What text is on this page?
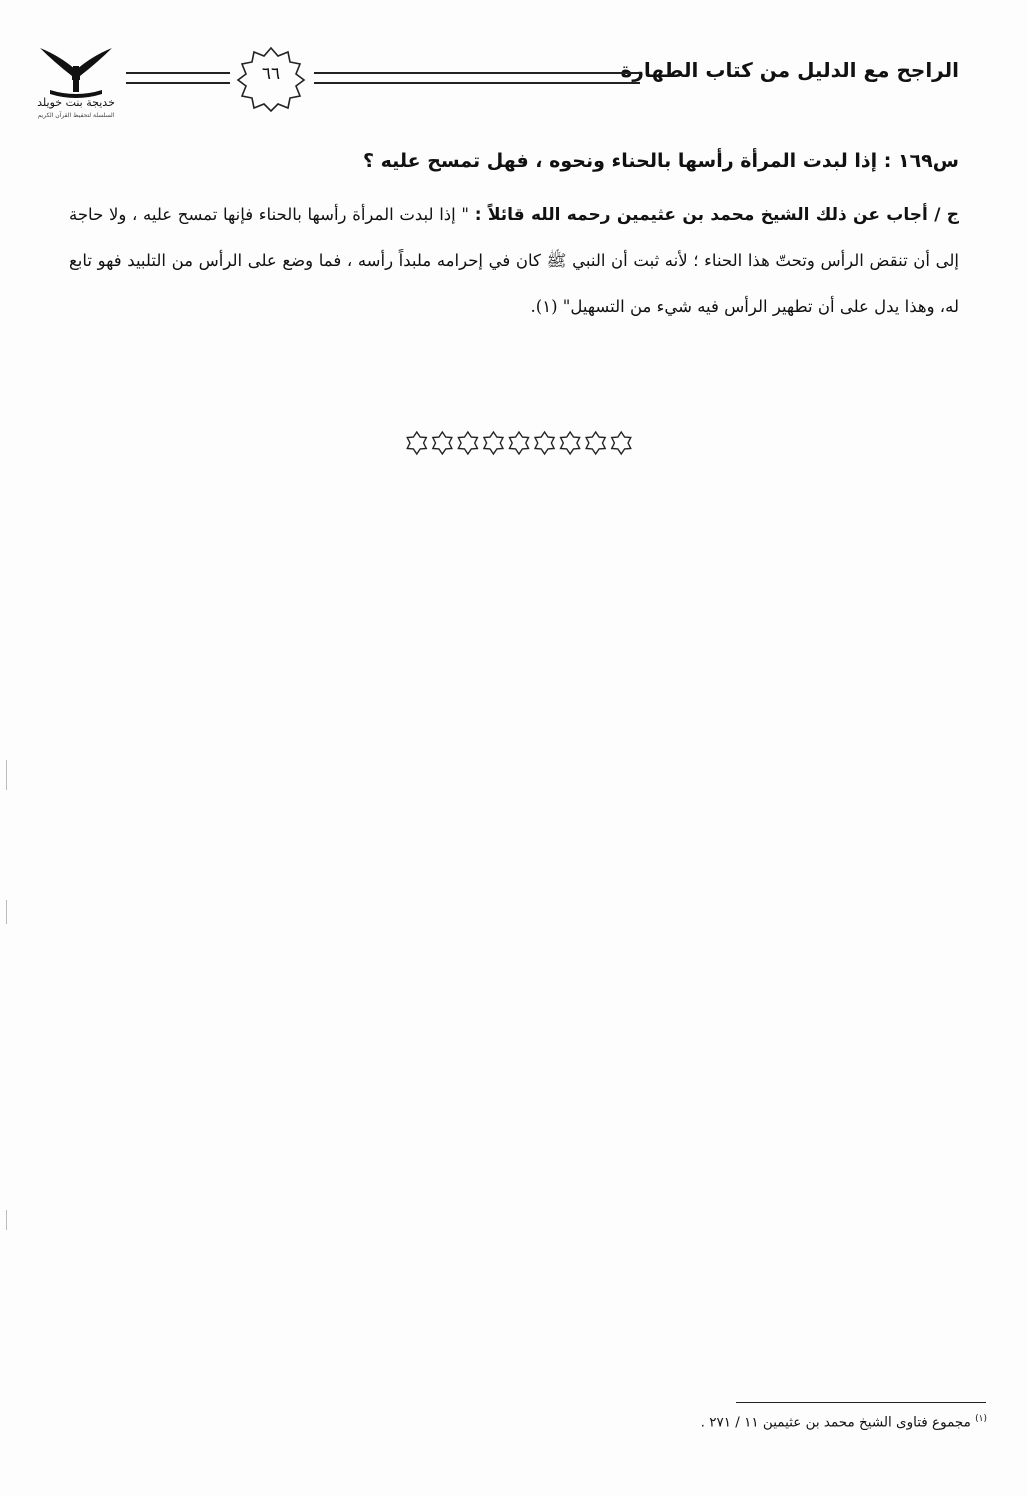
الراجح مع الدليل من كتاب الطهارة
٦٦
خديجة بنت خويلد
السلسلة لتحفيظ القرآن الكريم
س١٦٩ : إذا لبدت المرأة رأسها بالحناء ونحوه ، فهل تمسح عليه ؟
ج / أجاب عن ذلك الشيخ محمد بن عثيمين رحمه الله قائلاً : " إذا لبدت المرأة رأسها بالحناء فإنها تمسح عليه ، ولا حاجة إلى أن تنقض الرأس وتحتّ هذا الحناء ؛ لأنه ثبت أن النبي ﷺ كان في إحرامه ملبداً رأسه ، فما وضع على الرأس من التلبيد فهو تابع له، وهذا يدل على أن تطهير الرأس فيه شيء من التسهيل" (١).
$^{(١)}$ مجموع فتاوى الشيخ محمد بن عثيمين ١١ / ٢٧١ .
